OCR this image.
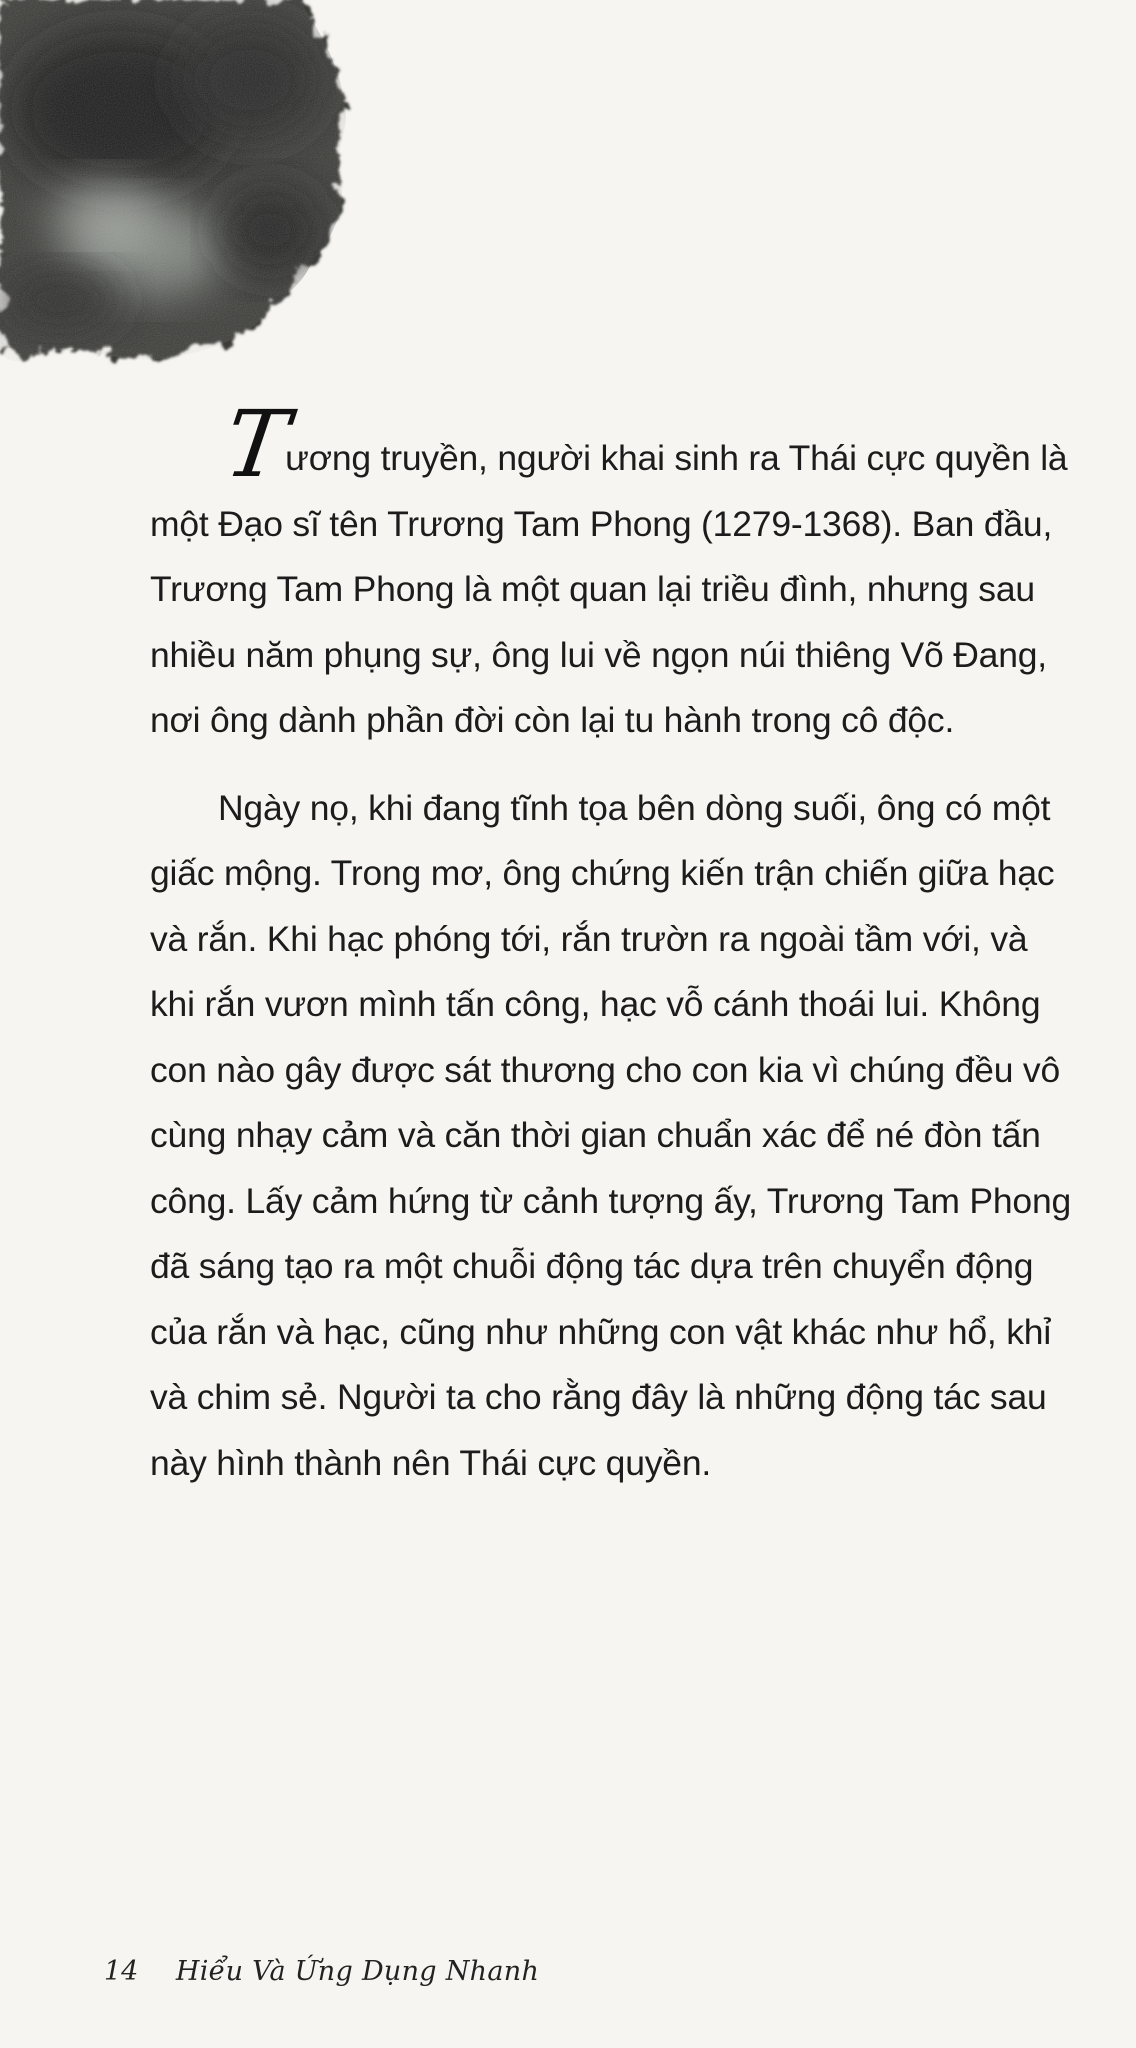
Tương truyền, người khai sinh ra Thái cực quyền là
một Đạo sĩ tên Trương Tam Phong (1279-1368). Ban đầu,
Trương Tam Phong là một quan lại triều đình, nhưng sau
nhiều năm phụng sự, ông lui về ngọn núi thiêng Võ Đang,
nơi ông dành phần đời còn lại tu hành trong cô độc.

Ngày nọ, khi đang tĩnh tọa bên dòng suối, ông có một
giấc mộng. Trong mơ, ông chứng kiến trận chiến giữa hạc
và rắn. Khi hạc phóng tới, rắn trườn ra ngoài tầm với, và
khi rắn vươn mình tấn công, hạc vỗ cánh thoái lui. Không
con nào gây được sát thương cho con kia vì chúng đều vô
cùng nhạy cảm và căn thời gian chuẩn xác để né đòn tấn
công. Lấy cảm hứng từ cảnh tượng ấy, Trương Tam Phong
đã sáng tạo ra một chuỗi động tác dựa trên chuyển động
của rắn và hạc, cũng như những con vật khác như hổ, khỉ
và chim sẻ. Người ta cho rằng đây là những động tác sau
này hình thành nên Thái cực quyền.

14 Hiểu Và Ứng Dụng Nhanh
